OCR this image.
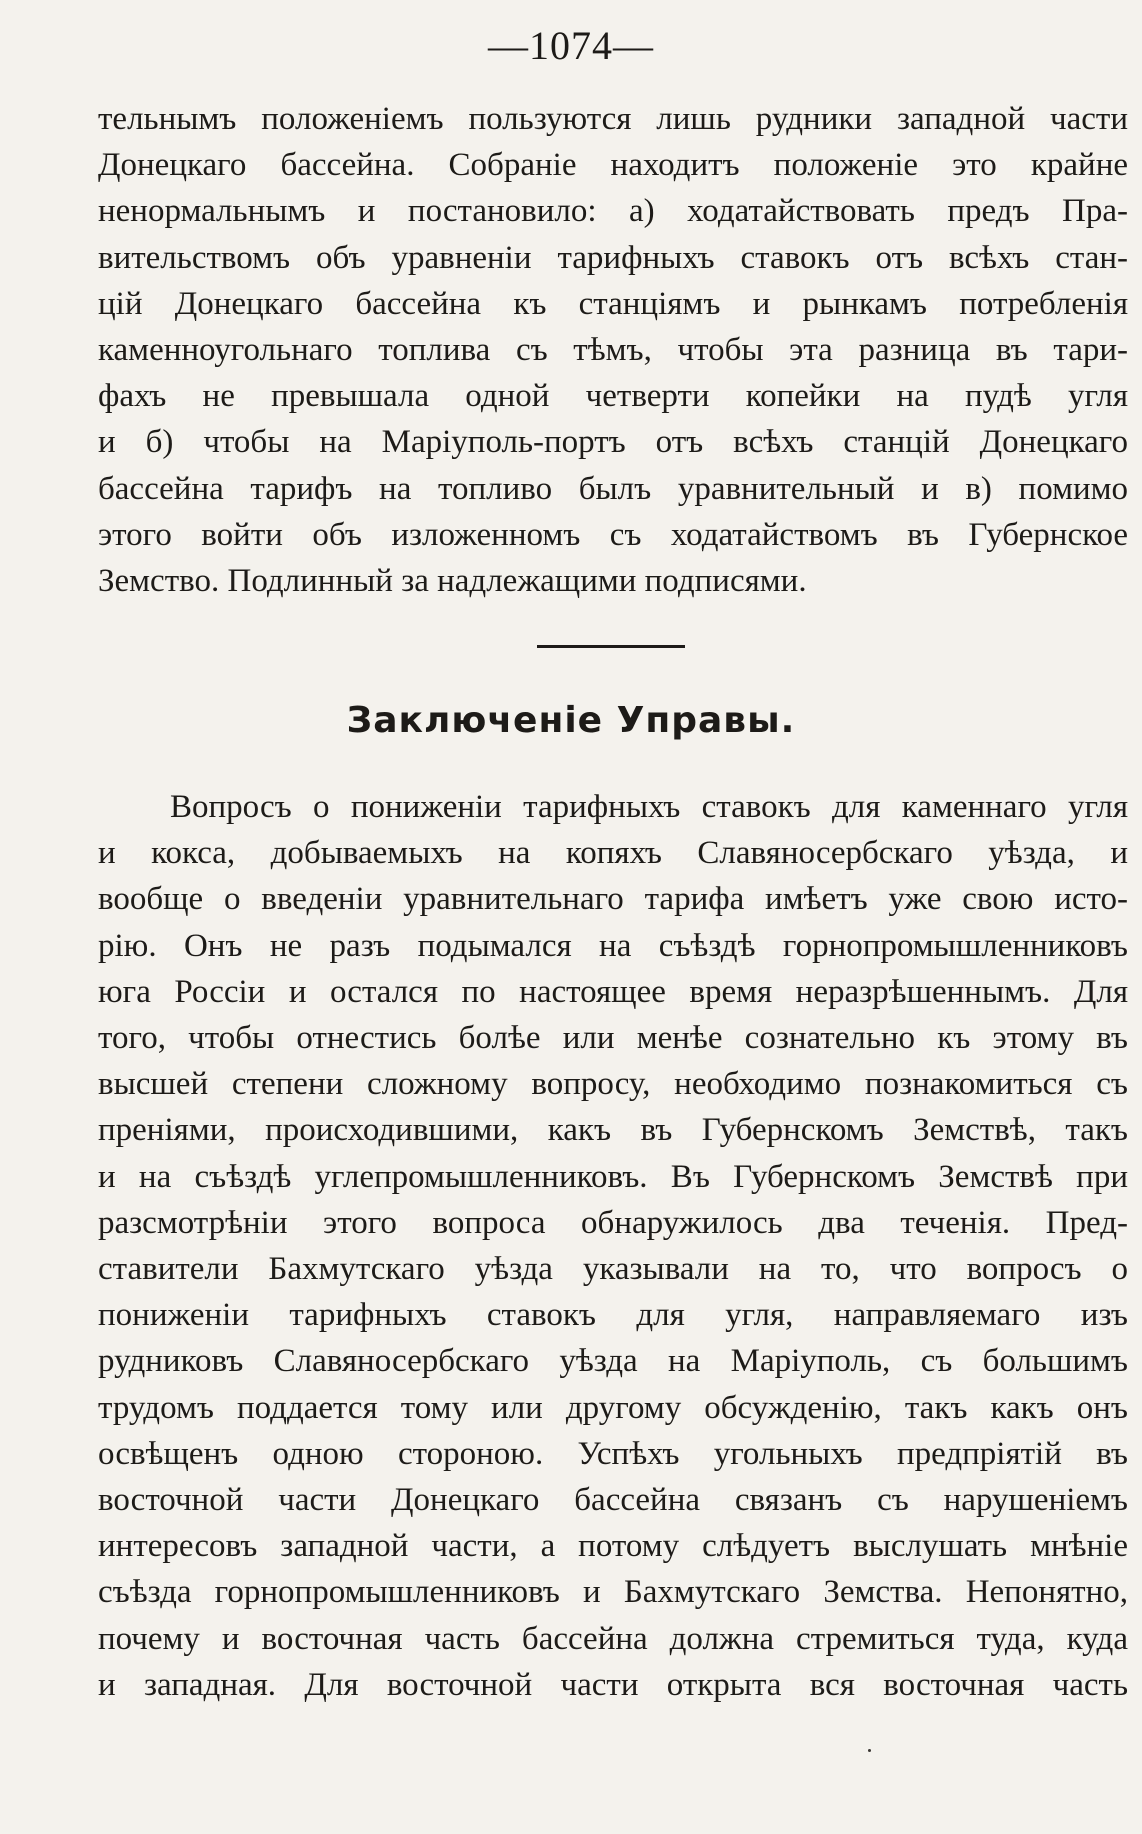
—1074—
тельнымъ положеніемъ пользуются лишь рудники западной части
Донецкаго бассейна. Собраніе находитъ положеніе это крайне
ненормальнымъ и постановило: а) ходатайствовать предъ Пра-
вительствомъ объ уравненіи тарифныхъ ставокъ отъ всѣхъ стан-
цій Донецкаго бассейна къ станціямъ и рынкамъ потребленія
каменноугольнаго топлива съ тѣмъ, чтобы эта разница въ тари-
фахъ не превышала одной четверти копейки на пудѣ угля
и б) чтобы на Маріуполь-портъ отъ всѣхъ станцій Донецкаго
бассейна тарифъ на топливо былъ уравнительный и в) помимо
этого войти объ изложенномъ съ ходатайствомъ въ Губернское
Земство. Подлинный за надлежащими подписями.
Заключеніе Управы.
Вопросъ о пониженіи тарифныхъ ставокъ для каменнаго угля
и кокса, добываемыхъ на копяхъ Славяносербскаго уѣзда, и
вообще о введеніи уравнительнаго тарифа имѣетъ уже свою исто-
рію. Онъ не разъ подымался на съѣздѣ горнопромышленниковъ
юга Россіи и остался по настоящее время неразрѣшеннымъ. Для
того, чтобы отнестись болѣе или менѣе сознательно къ этому въ
высшей степени сложному вопросу, необходимо познакомиться съ
преніями, происходившими, какъ въ Губернскомъ Земствѣ, такъ
и на съѣздѣ углепромышленниковъ. Въ Губернскомъ Земствѣ при
разсмотрѣніи этого вопроса обнаружилось два теченія. Пред-
ставители Бахмутскаго уѣзда указывали на то, что вопросъ о
пониженіи тарифныхъ ставокъ для угля, направляемаго изъ
рудниковъ Славяносербскаго уѣзда на Маріуполь, съ большимъ
трудомъ поддается тому или другому обсужденію, такъ какъ онъ
освѣщенъ одною стороною. Успѣхъ угольныхъ предпріятій въ
восточной части Донецкаго бассейна связанъ съ нарушеніемъ
интересовъ западной части, а потому слѣдуетъ выслушать мнѣніе
съѣзда горнопромышленниковъ и Бахмутскаго Земства. Непонятно,
почему и восточная часть бассейна должна стремиться туда, куда
и западная. Для восточной части открыта вся восточная часть
